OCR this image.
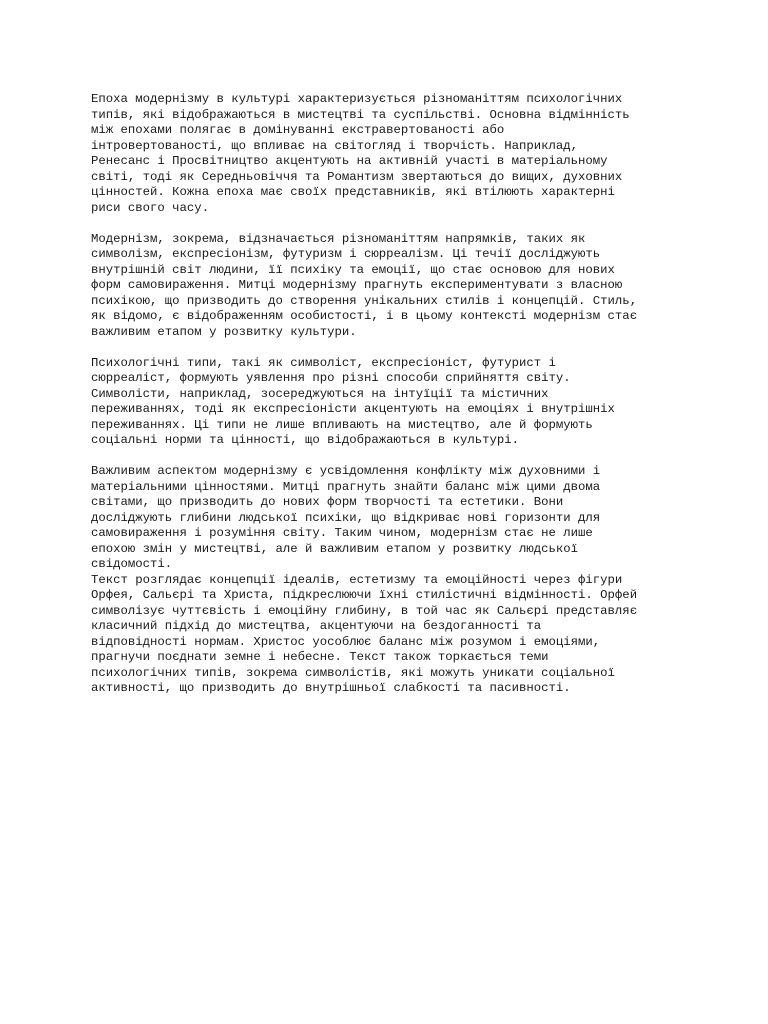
Епоха модернізму в культурі характеризується різноманіттям психологічних
типів, які відображаються в мистецтві та суспільстві. Основна відмінність
між епохами полягає в домінуванні екстравертованості або
інтровертованості, що впливає на світогляд і творчість. Наприклад,
Ренесанс і Просвітництво акцентують на активній участі в матеріальному
світі, тоді як Середньовіччя та Романтизм звертаються до вищих, духовних
цінностей. Кожна епоха має своїх представників, які втілюють характерні
риси свого часу.
Модернізм, зокрема, відзначається різноманіттям напрямків, таких як
символізм, експресіонізм, футуризм і сюрреалізм. Ці течії досліджують
внутрішній світ людини, її психіку та емоції, що стає основою для нових
форм самовираження. Митці модернізму прагнуть експериментувати з власною
психікою, що призводить до створення унікальних стилів і концепцій. Стиль,
як відомо, є відображенням особистості, і в цьому контексті модернізм стає
важливим етапом у розвитку культури.
Психологічні типи, такі як символіст, експресіоніст, футурист і
сюрреаліст, формують уявлення про різні способи сприйняття світу.
Символісти, наприклад, зосереджуються на інтуїції та містичних
переживаннях, тоді як експресіоністи акцентують на емоціях і внутрішніх
переживаннях. Ці типи не лише впливають на мистецтво, але й формують
соціальні норми та цінності, що відображаються в культурі.
Важливим аспектом модернізму є усвідомлення конфлікту між духовними і
матеріальними цінностями. Митці прагнуть знайти баланс між цими двома
світами, що призводить до нових форм творчості та естетики. Вони
досліджують глибини людської психіки, що відкриває нові горизонти для
самовираження і розуміння світу. Таким чином, модернізм стає не лише
епохою змін у мистецтві, але й важливим етапом у розвитку людської
свідомості.
Текст розглядає концепції ідеалів, естетизму та емоційності через фігури
Орфея, Сальєрі та Христа, підкреслюючи їхні стилістичні відмінності. Орфей
символізує чуттєвість і емоційну глибину, в той час як Сальєрі представляє
класичний підхід до мистецтва, акцентуючи на бездоганності та
відповідності нормам. Христос уособлює баланс між розумом і емоціями,
прагнучи поєднати земне і небесне. Текст також торкається теми
психологічних типів, зокрема символістів, які можуть уникати соціальної
активності, що призводить до внутрішньої слабкості та пасивності.
